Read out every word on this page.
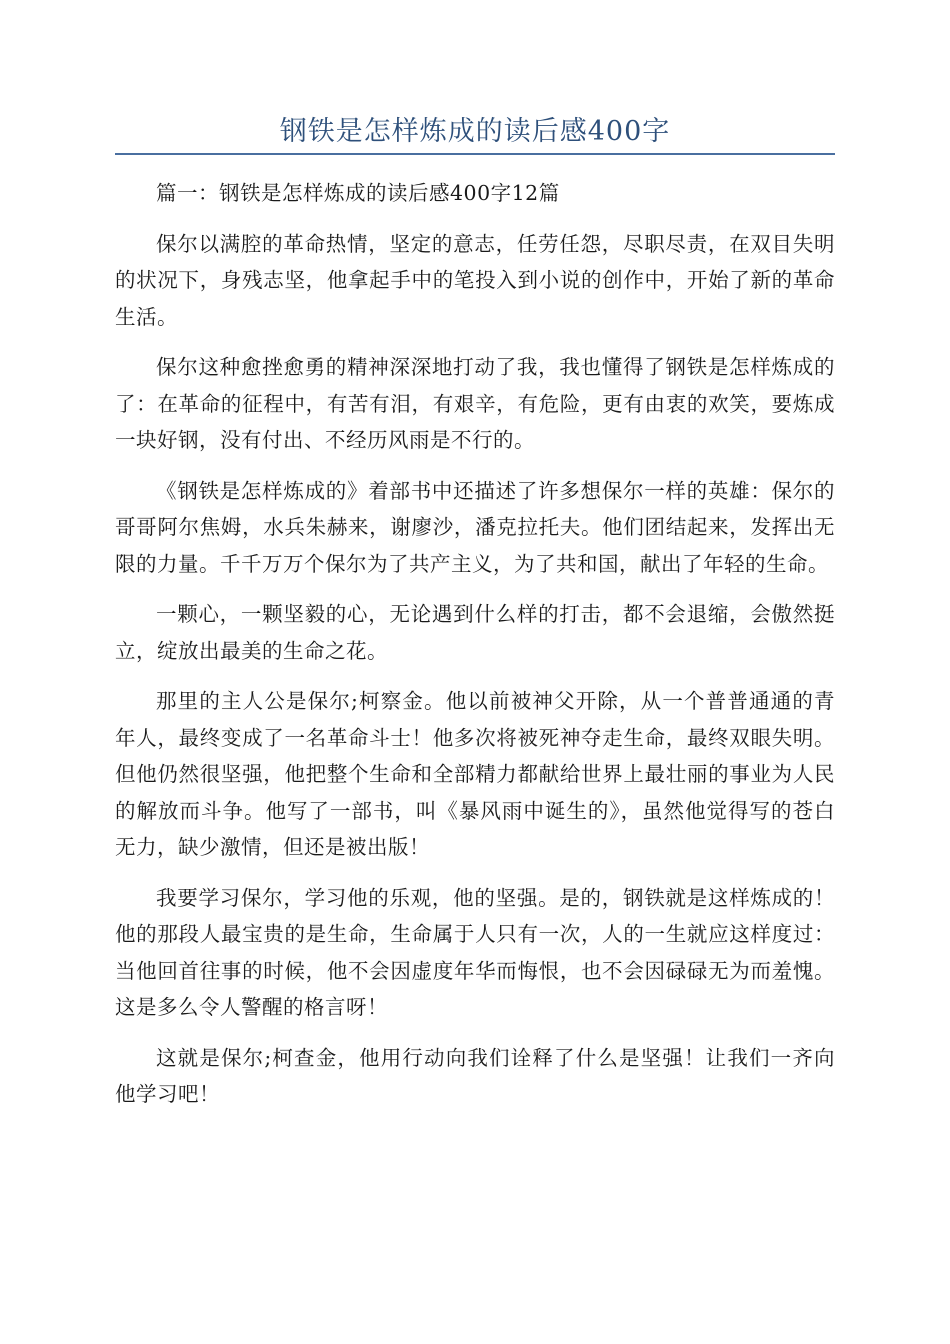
钢铁是怎样炼成的读后感400字

篇一：钢铁是怎样炼成的读后感400字12篇

保尔以满腔的革命热情，坚定的意志，任劳任怨，尽职尽责，在双目失明的状况下，身残志坚，他拿起手中的笔投入到小说的创作中，开始了新的革命生活。

保尔这种愈挫愈勇的精神深深地打动了我，我也懂得了钢铁是怎样炼成的了：在革命的征程中，有苦有泪，有艰辛，有危险，更有由衷的欢笑，要炼成一块好钢，没有付出、不经历风雨是不行的。

《钢铁是怎样炼成的》着部书中还描述了许多想保尔一样的英雄：保尔的哥哥阿尔焦姆，水兵朱赫来，谢廖沙，潘克拉托夫。他们团结起来，发挥出无限的力量。千千万万个保尔为了共产主义，为了共和国，献出了年轻的生命。

一颗心，一颗坚毅的心，无论遇到什么样的打击，都不会退缩，会傲然挺立，绽放出最美的生命之花。

那里的主人公是保尔;柯察金。他以前被神父开除，从一个普普通通的青年人，最终变成了一名革命斗士！他多次将被死神夺走生命，最终双眼失明。但他仍然很坚强，他把整个生命和全部精力都献给世界上最壮丽的事业为人民的解放而斗争。他写了一部书，叫《暴风雨中诞生的》，虽然他觉得写的苍白无力，缺少激情，但还是被出版！

我要学习保尔，学习他的乐观，他的坚强。是的，钢铁就是这样炼成的！他的那段人最宝贵的是生命，生命属于人只有一次，人的一生就应这样度过：当他回首往事的时候，他不会因虚度年华而悔恨，也不会因碌碌无为而羞愧。这是多么令人警醒的格言呀！

这就是保尔;柯查金，他用行动向我们诠释了什么是坚强！让我们一齐向他学习吧！
